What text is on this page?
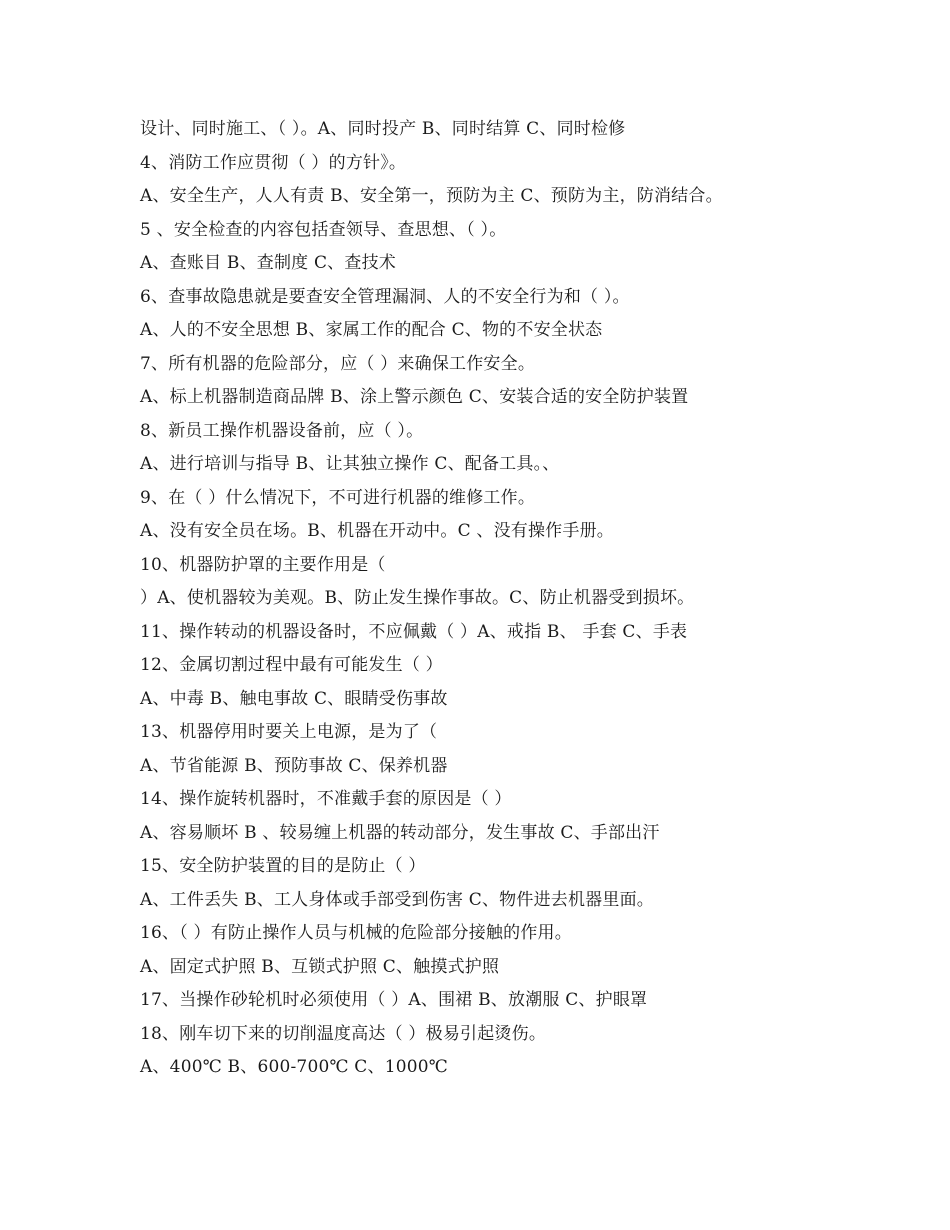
设计、同时施工、（ ）。A、同时投产 B、同时结算 C、同时检修
4、消防工作应贯彻（ ）的方针》。
A、安全生产，人人有责 B、安全第一，预防为主 C、预防为主，防消结合。
5 、安全检查的内容包括查领导、查思想、（ ）。
A、查账目 B、查制度 C、查技术
6、查事故隐患就是要查安全管理漏洞、人的不安全行为和（ ）。
A、人的不安全思想 B、家属工作的配合 C、物的不安全状态
7、所有机器的危险部分，应（ ）来确保工作安全。
A、标上机器制造商品牌 B、涂上警示颜色 C、安装合适的安全防护装置
8、新员工操作机器设备前，应（ ）。
A、进行培训与指导 B、让其独立操作 C、配备工具。、
9、在（ ）什么情况下，不可进行机器的维修工作。
A、没有安全员在场。B、机器在开动中。C 、没有操作手册。
10、机器防护罩的主要作用是（
）A、使机器较为美观。B、防止发生操作事故。C、防止机器受到损坏。
11、操作转动的机器设备时，不应佩戴（ ）A、戒指 B、 手套 C、手表
12、金属切割过程中最有可能发生（ ）
A、中毒 B、触电事故 C、眼睛受伤事故
13、机器停用时要关上电源，是为了（
A、节省能源 B、预防事故 C、保养机器
14、操作旋转机器时，不准戴手套的原因是（ ）
A、容易顺坏 B 、较易缠上机器的转动部分，发生事故 C、手部出汗
15、安全防护装置的目的是防止（ ）
A、工件丢失 B、工人身体或手部受到伤害 C、物件进去机器里面。
16、（ ）有防止操作人员与机械的危险部分接触的作用。
A、固定式护照 B、互锁式护照 C、触摸式护照
17、当操作砂轮机时必须使用（ ）A、围裙 B、放潮服 C、护眼罩
18、刚车切下来的切削温度高达（ ）极易引起烫伤。
A、400℃ B、600-700℃ C、1000℃
